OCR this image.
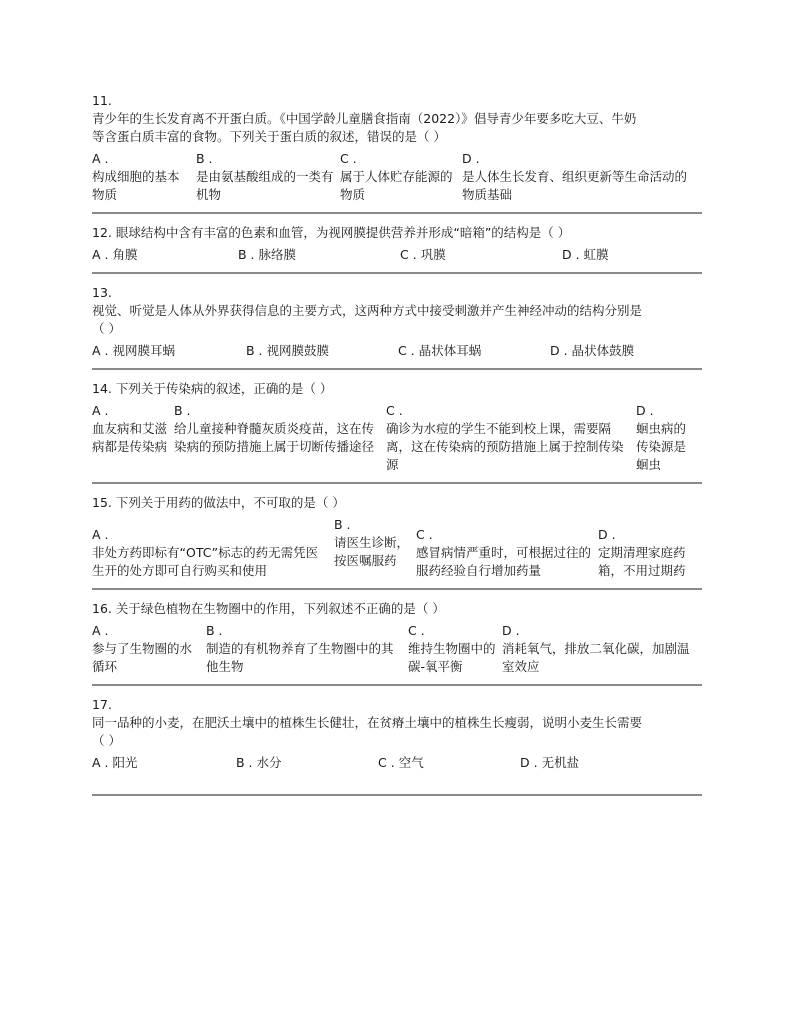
11.

青少年的生长发育离不开蛋白质。《中国学龄儿童膳食指南（2022）》倡导青少年要多吃大豆、牛奶

等含蛋白质丰富的食物。下列关于蛋白质的叙述，错误的是（ ）

A .
构成细胞的基本物质
B .
是由氨基酸组成的一类有机物
C .
属于人体贮存能源的物质
D .
是人体生长发育、组织更新等生命活动的物质基础

12. 眼球结构中含有丰富的色素和血管，为视网膜提供营养并形成“暗箱”的结构是（ ）

A . 角膜	B . 脉络膜	C . 巩膜	D . 虹膜

13.

视觉、听觉是人体从外界获得信息的主要方式，这两种方式中接受刺激并产生神经冲动的结构分别是

（ ）

A . 视网膜耳蜗	B . 视网膜鼓膜	C . 晶状体耳蜗	D . 晶状体鼓膜

14. 下列关于传染病的叙述，正确的是（ ）

A .
血友病和艾滋病都是传染病
B .
给儿童接种脊髓灰质炎疫苗，这在传染病的预防措施上属于切断传播途径
C .
确诊为水痘的学生不能到校上课，需要隔离，这在传染病的预防措施上属于控制传染源
D .
蛔虫病的传染源是蛔虫

15. 下列关于用药的做法中，不可取的是（ ）

A .
非处方药即标有“OTC”标志的药无需凭医生开的处方即可自行购买和使用
B .
请医生诊断，按医嘱服药
C .
感冒病情严重时，可根据过往的服药经验自行增加药量
D .
定期清理家庭药箱，不用过期药

16. 关于绿色植物在生物圈中的作用，下列叙述不正确的是（ ）

A .
参与了生物圈的水循环
B .
制造的有机物养育了生物圈中的其他生物
C .
维持生物圈中的碳-氧平衡
D .
消耗氧气，排放二氧化碳，加剧温室效应

17.

同一品种的小麦，在肥沃土壤中的植株生长健壮，在贫瘠土壤中的植株生长瘦弱，说明小麦生长需要

（ ）

A . 阳光	B . 水分	C . 空气	D . 无机盐
